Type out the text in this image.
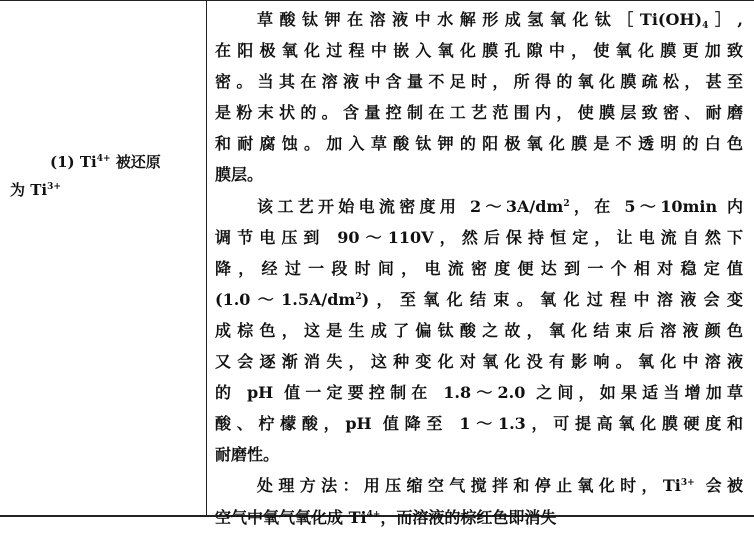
(1) $Ti^{4+}$ 被还原
为 $Ti^{3+}$
草酸钛钾在溶液中水解形成氢氧化钛$[Ti(OH)_4]$,
在阳极氧化过程中嵌入氧化膜孔隙中，使氧化膜更加致
密。当其在溶液中含量不足时，所得的氧化膜疏松，甚至
是粉末状的。含量控制在工艺范围内，使膜层致密、耐磨
和耐腐蚀。加入草酸钛钾的阳极氧化膜是不透明的白色
膜层。
该工艺开始电流密度用 $2\sim 3A/dm^2$，在 5～10min 内
调节电压到 90～110V，然后保持恒定，让电流自然下
降，经过一段时间，电流密度便达到一个相对稳定值
$(1.0\sim 1.5A/dm^2)$，至氧化结束。氧化过程中溶液会变
成棕色，这是生成了偏钛酸之故，氧化结束后溶液颜色
又会逐渐消失，这种变化对氧化没有影响。氧化中溶液
的 pH 值一定要控制在 1.8～2.0 之间，如果适当增加草
酸、柠檬酸，pH 值降至 1～1.3，可提高氧化膜硬度和
耐磨性。
处理方法：用压缩空气搅拌和停止氧化时，$Ti^{3+}$ 会被
空气中氧气氧化成 $Ti^{4+}$，而溶液的棕红色即消失
